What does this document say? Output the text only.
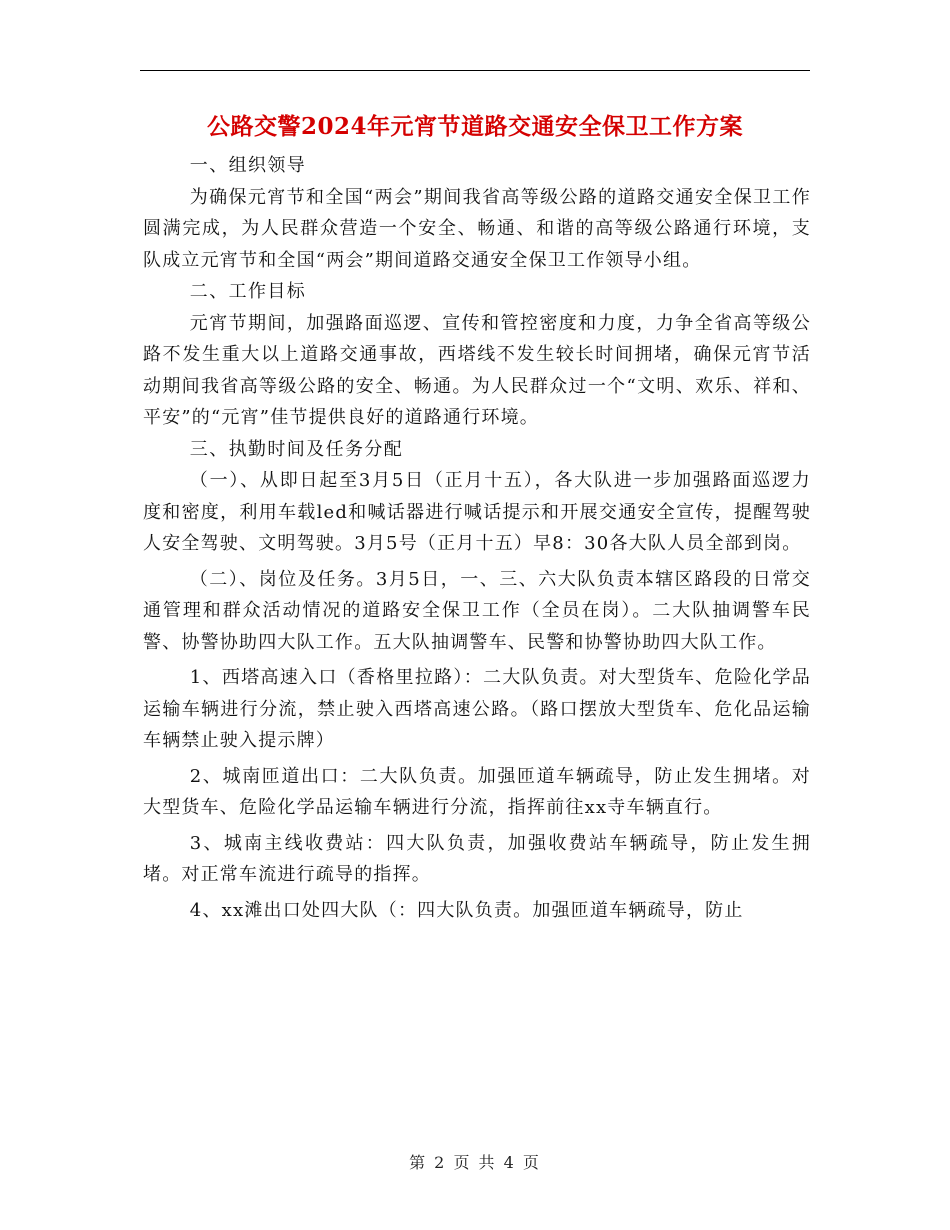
公路交警2024年元宵节道路交通安全保卫工作方案

一、组织领导

为确保元宵节和全国“两会”期间我省高等级公路的道路交通安全保卫工作圆满完成，为人民群众营造一个安全、畅通、和谐的高等级公路通行环境，支队成立元宵节和全国“两会”期间道路交通安全保卫工作领导小组。

二、工作目标

元宵节期间，加强路面巡逻、宣传和管控密度和力度，力争全省高等级公路不发生重大以上道路交通事故，西塔线不发生较长时间拥堵，确保元宵节活动期间我省高等级公路的安全、畅通。为人民群众过一个“文明、欢乐、祥和、平安”的“元宵”佳节提供良好的道路通行环境。

三、执勤时间及任务分配

（一）、从即日起至3月5日（正月十五），各大队进一步加强路面巡逻力度和密度，利用车载led和喊话器进行喊话提示和开展交通安全宣传，提醒驾驶人安全驾驶、文明驾驶。3月5号（正月十五）早8：30各大队人员全部到岗。

（二）、岗位及任务。3月5日，一、三、六大队负责本辖区路段的日常交通管理和群众活动情况的道路安全保卫工作（全员在岗）。二大队抽调警车民警、协警协助四大队工作。五大队抽调警车、民警和协警协助四大队工作。

1、西塔高速入口（香格里拉路）：二大队负责。对大型货车、危险化学品运输车辆进行分流，禁止驶入西塔高速公路。（路口摆放大型货车、危化品运输车辆禁止驶入提示牌）

2、城南匝道出口：二大队负责。加强匝道车辆疏导，防止发生拥堵。对大型货车、危险化学品运输车辆进行分流，指挥前往xx寺车辆直行。

3、城南主线收费站：四大队负责，加强收费站车辆疏导，防止发生拥堵。对正常车流进行疏导的指挥。

4、xx滩出口处四大队（：四大队负责。加强匝道车辆疏导，防止

第 2 页 共 4 页
